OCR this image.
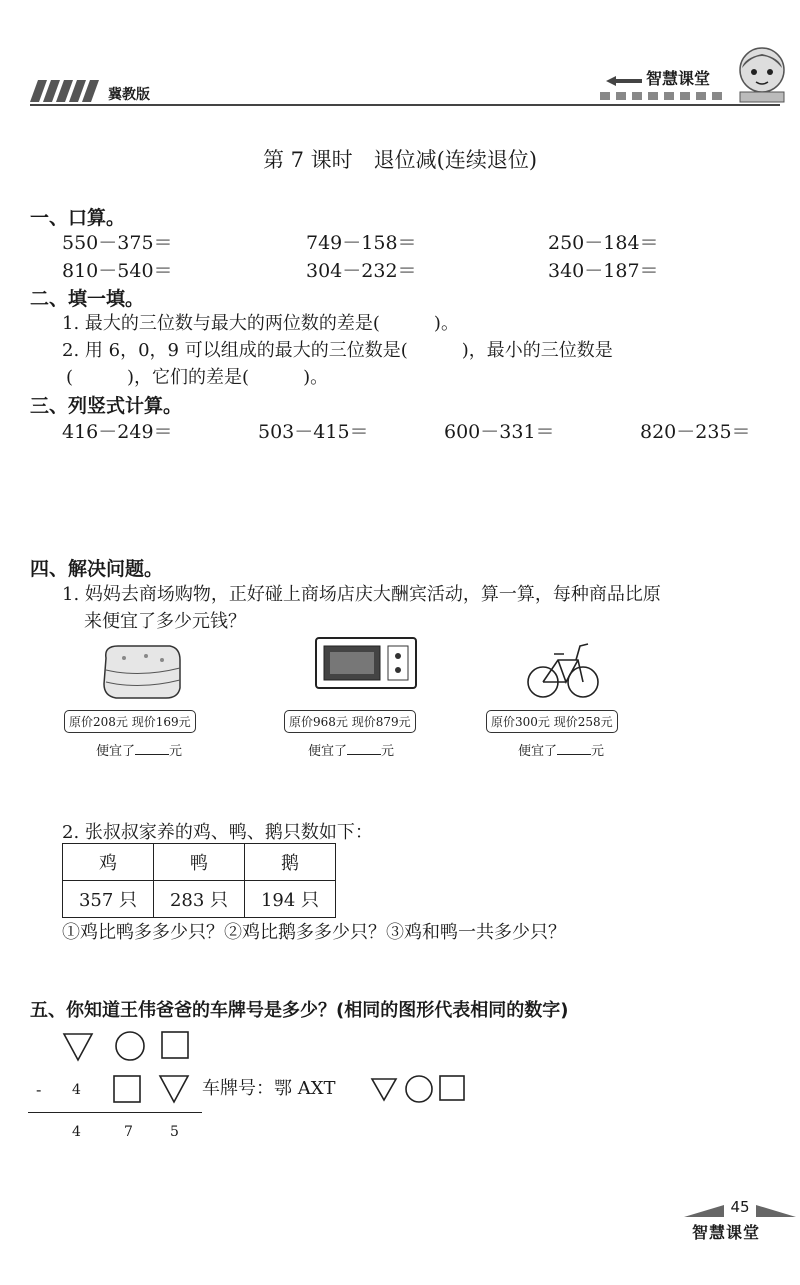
冀教版
智慧课堂
第 7 课时　退位减(连续退位)
一、口算。
550－375＝	749－158＝	250－184＝
810－540＝	304－232＝	340－187＝
二、填一填。
1. 最大的三位数与最大的两位数的差是(　　　)。
2. 用 6，0，9 可以组成的最大的三位数是(　　　)，最小的三位数是
(　　　)，它们的差是(　　　)。
三、列竖式计算。
416－249＝	503－415＝	600－331＝	820－235＝
四、解决问题。
1. 妈妈去商场购物，正好碰上商场店庆大酬宾活动，算一算，每种商品比原
来便宜了多少元钱？
原价208元 现价169元	原价968元 现价879元	原价300元 现价258元
便宜了	元	便宜了	元	便宜了	元
2. 张叔叔家养的鸡、鸭、鹅只数如下：
鸡	鸭	鹅
357 只	283 只	194 只
①鸡比鸭多多少只？②鸡比鹅多多少只？③鸡和鸭一共多少只？
五、你知道王伟爸爸的车牌号是多少？(相同的图形代表相同的数字)
- 4	车牌号：鄂 AXT
4	7	5
45
智慧课堂
